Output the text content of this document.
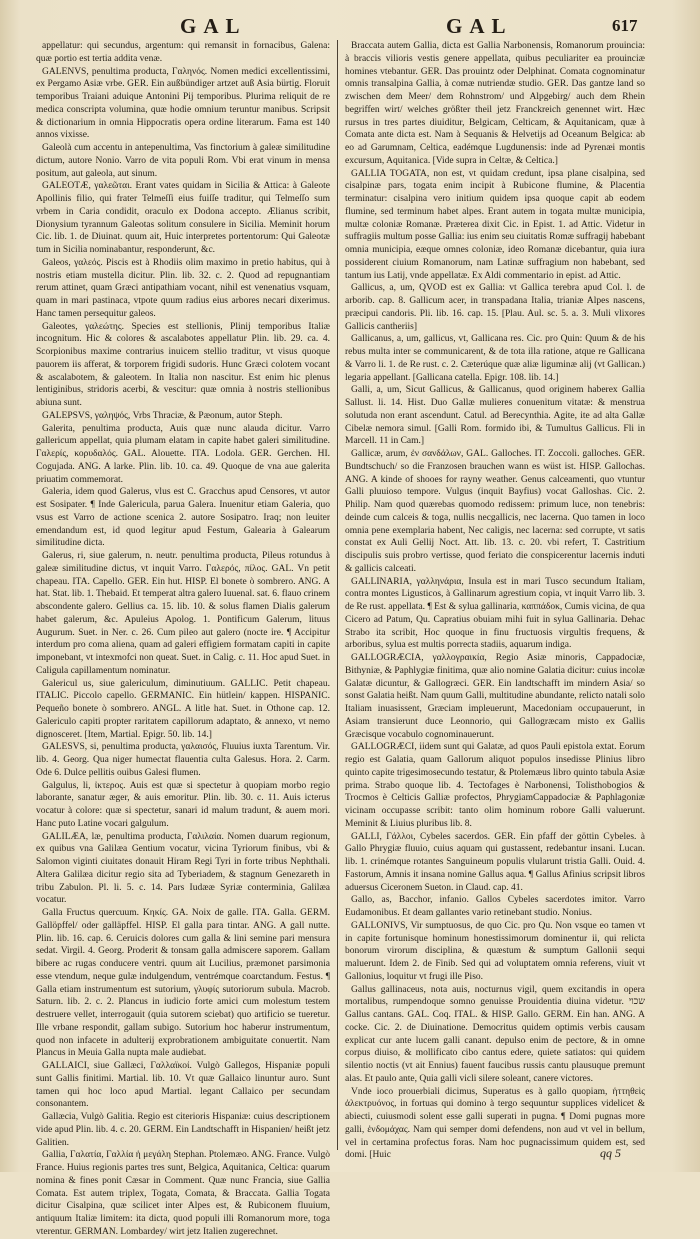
GAL	GAL	617

appellatur: qui secundus, argentum: qui remansit in fornacibus, Galena: quæ portio est tertia addita venæ.

GALENVS, penultima producta, Γαληνός. Nomen medici excellentissimi, ex Pergamo Asiæ vrbe. GER. Ein außbündiger artzet auß Asia bürtig. Floruit temporibus Traiani aduique Antonini Pij temporibus. Plurima reliquit de re medica conscripta volumina, quæ hodie omnium teruntur manibus. Scripsit & dictionarium in omnia Hippocratis opera ordine literarum. Fama est 140 annos vixisse.

Galeolà cum accentu in antepenultima, Vas finctorium à galeæ similitudine dictum, autore Nonio. Varro de vita populi Rom. Vbi erat vinum in mensa positum, aut galeola, aut sinum.

GALEOTÆ, γαλεῶται. Erant vates quidam in Sicilia & Attica: à Galeote Apollinis filio, qui frater Telmeſſi eius fuiſſe traditur, qui Telmeſſo sum vrbem in Caria condidit, oraculo ex Dodona accepto. Ælianus scribit, Dionysium tyrannum Galeotas solitum consulere in Sicilia. Meminit horum Cic. lib. 1. de Diuinat. quum ait, Huic interpretes portentorum: Qui Galeotæ tum in Sicilia nominabantur, responderunt, &c.

Galeos, γαλεός. Piscis est à Rhodiis olim maximo in pretio habitus, qui à nostris etiam mustella dicitur. Plin. lib. 32. c. 2. Quod ad repugnantiam rerum attinet, quam Græci antipathiam vocant, nihil est venenatius vsquam, quam in mari pastinaca, vtpote quum radius eius arbores necari dixerimus. Hanc tamen persequitur galeos.

Galeotes, γαλεώτης. Species est stellionis, Plinij temporibus Italiæ incognitum. Hic & colores & ascalabotes appellatur Plin. lib. 29. ca. 4. Scorpionibus maxime contrarius inuicem stellio traditur, vt visus quoque pauorem iis afferat, & torporem frigidi sudoris. Hunc Græci colotem vocant & ascalabotem, & galeotem. In Italia non nascitur. Est enim hic plenus lentiginibus, stridoris acerbi, & vescitur: quæ omnia à nostris stellionibus abiuna sunt.

GALEPSVS, γαληψός, Vrbs Thraciæ, & Pæonum, autor Steph.

Galerita, penultima producta, Auis quæ nunc alauda dicitur. Varro gallericum appellat, quia plumam elatam in capite habet galeri similitudine. Γαλερίς, κορυδαλός. GAL. Alouette. ITA. Lodola. GER. Gerchen. HI. Cogujada. ANG. A larke. Plin. lib. 10. ca. 49. Quoque de vna aue galerita priuatim commemorat.

Galeria, idem quod Galerus, vlus est C. Gracchus apud Censores, vt autor est Sosipater. ¶ Inde Galericula, parua Galera. Inuenitur etiam Galeria, quo vsus est Varro de actione scenica 2. autore Sosipatro. Iraq; non leuiter emendandum est, id quod legitur apud Festum, Galearia à Galearum similitudine dicta.

Galerus, ri, siue galerum, n. neutr. penultima producta, Pileus rotundus à galeæ similitudine dictus, vt inquit Varro. Γαλερός, πίλος. GAL. Vn petit chapeau. ITA. Capello. GER. Ein hut. HISP. El bonete ò sombrero. ANG. A hat. Stat. lib. 1. Thebaid. Et temperat altra galero Iuuenal. sat. 6. flauo crinem abscondente galero. Gellius ca. 15. lib. 10. & solus flamen Dialis galerum habet galerum, &c. Apuleius Apolog. 1. Pontificum Galerum, lituus Augurum. Suet. in Ner. c. 26. Cum pileo aut galero (nocte ire. ¶ Accipitur interdum pro coma aliena, quam ad galeri effigiem formatam capiti in capite imponebant, vt intexmofci non queat. Suet. in Calig. c. 11. Hoc apud Suet. in Caligula capillamentum nominatur.

Galericul us, siue galericulum, diminutiuum. GALLIC. Petit chapeau. ITALIC. Piccolo capello. GERMANIC. Ein hütlein/ kappen. HISPANIC. Pequeño bonete ò sombrero. ANGL. A litle hat. Suet. in Othone cap. 12. Galericulo capiti propter raritatem capillorum adaptato, & annexo, vt nemo dignosceret. [Item, Martial. Epigr. 50. lib. 14.]

GALESVS, si, penultima producta, γαλαισός, Fluuius iuxta Tarentum. Vir. lib. 4. Georg. Qua niger humectat flauentia culta Galesus. Hora. 2. Carm. Ode 6. Dulce pellitis ouibus Galesi flumen.

Galgulus, li, ἰκτερος. Auis est quæ si spectetur à quopiam morbo regio laborante, sanatur æger, & auis emoritur. Plin. lib. 30. c. 11. Auis icterus vocatur à colore: quæ si spectetur, sanari id malum tradunt, & auem mori. Hanc puto Latine vocari galgulum.

GALILÆA, læ, penultima producta, Γαλιλαία. Nomen duarum regionum, ex quibus vna Galilæa Gentium vocatur, vicina Tyriorum finibus, vbi & Salomon viginti ciuitates donauit Hiram Regi Tyri in forte tribus Nephthali. Altera Galilæa dicitur regio sita ad Tyberiadem, & stagnum Genezareth in tribu Zabulon. Pl. li. 5. c. 14. Pars Iudææ Syriæ conterminia, Galilæa vocatur.

Galla Fructus quercuum. Κηκίς. GA. Noix de galle. ITA. Galla. GERM. Gallöpffel/ oder galläpffel. HISP. El galla para tintar. ANG. A gall nutte. Plin. lib. 16. cap. 6. Ceruicis dolores cum galla & lini semine pari mensura sedat. Virgil. 4. Georg. Proderit & tonsam galla admiscere saporem. Gallam bibere ac rugas conducere ventri. quum ait Lucilius, præmonet parsimonia esse vtendum, neque gulæ indulgendum, ventrémque coarctandum. Festus. ¶ Galla etiam instrumentum est sutorium, γλυφίς sutoriorum subula. Macrob. Saturn. lib. 2. c. 2. Plancus in iudicio forte amici cum molestum testem destruere vellet, interrogauit (quia sutorem sciebat) quo artificio se tueretur. Ille vrbane respondit, gallam subigo. Sutorium hoc haberur instrumentum, quod non infacete in adulterij exprobrationem ambiguitate conuertit. Nam Plancus in Meuia Galla nupta male audiebat.

GALLAICI, siue Gallæci, Γαλλαϊκοί. Vulgò Gallegos, Hispaniæ populi sunt Gallis finitimi. Martial. lib. 10. Vt quæ Gallaico linuntur auro. Sunt tamen qui hoc loco apud Martial. legant Callaico per secundam consonantem.

Gallæcia, Vulgò Galitia. Regio est citerioris Hispaniæ: cuius descriptionem vide apud Plin. lib. 4. c. 20. GERM. Ein Landtschafft in Hispanien/ heißt jetz Galitien.

Gallia, Γαλατία, Γαλλία ἡ μεγάλη Stephan. Ptolemæo. ANG. France. Vulgò France. Huius regionis partes tres sunt, Belgica, Aquitanica, Celtica: quarum nomina & fines ponit Cæsar in Comment. Quæ nunc Francia, siue Gallia Comata. Est autem triplex, Togata, Comata, & Braccata. Gallia Togata dicitur Cisalpina, quæ scilicet inter Alpes est, & Rubiconem fluuium, antiquum Italiæ limitem: ita dicta, quod populi illi Romanorum more, toga vterentur. GERMAN. Lombardey/ wirt jetz Italien zugerechnet.

Braccata autem Gallia, dicta est Gallia Narbonensis, Romanorum prouincia: à braccis vilioris vestis genere appellata, quibus peculiariter ea prouinciæ homines vtebantur. GER. Das prouintz oder Delphinat. Comata cognominatur omnis transalpina Gallia, à comæ nutriendæ studio. GER. Das gantze land so zwischen dem Meer/ dem Rohnstrom/ und Alpgebirg/ auch dem Rhein begriffen wirt/ welches größter theil jetz Franckreich genennet wirt. Hæc rursus in tres partes diuiditur, Belgicam, Celticam, & Aquitanicam, quæ à Comata ante dicta est. Nam à Sequanis & Helvetijs ad Oceanum Belgica: ab eo ad Garumnam, Celtica, eadémque Lugdunensis: inde ad Pyrenæi montis excursum, Aquitanica. [Vide supra in Celtæ, & Celtica.]

GALLIA TOGATA, non est, vt quidam credunt, ipsa plane cisalpina, sed cisalpinæ pars, togata enim incipit à Rubicone flumine, & Placentia terminatur: cisalpina vero initium quidem ipsa quoque capit ab eodem flumine, sed terminum habet alpes. Erant autem in togata multæ municipia, multæ coloniæ Romanæ. Præterea dixit Cic. in Epist. 1. ad Attic. Videtur in suffragiis multum posse Gallia: ius enim seu ciuitatis Romæ suffragij habebant omnia municipia, eæque omnes coloniæ, ideo Romanæ dicebantur, quia iura possiderent ciuium Romanorum, nam Latinæ suffragium non habebant, sed tantum ius Latij, vnde appellatæ. Ex Aldi commentario in epist. ad Attic.

Gallicus, a, um, QVOD est ex Gallia: vt Gallica terebra apud Col. l. de arborib. cap. 8. Gallicum acer, in transpadana Italia, trianiæ Alpes nascens, præcipui candoris. Pli. lib. 16. cap. 15. [Plau. Aul. sc. 5. a. 3. Muli vlixores Gallicis cantheriis]

Gallicanus, a, um, gallicus, vt, Gallicana res. Cic. pro Quin: Quum & de his rebus multa inter se communicarent, & de tota illa ratione, atque re Gallicana & Varro li. 1. de Re rust. c. 2. Cæterúque quæ aliæ liguminæ alij (vt Gallican.) legaria appellant. [Gallicana catella. Epigr. 108. lib. 14.]

Galli, a, um, Sicut Gallicus, & Gallicanus, quod originem haberex Gallia Sallust. li. 14. Hist. Duo Gallæ mulieres conuenitum vitatæ: & menstrua solutuda non erant ascendunt. Catul. ad Berecynthia. Agite, ite ad alta Gallæ Cibelæ nemora simul. [Galli Rom. formido ibi, & Tumultus Gallicus. Fli in Marcell. 11 in Cam.]

Gallicæ, arum, ἐν σανδάλων, GAL. Galloches. IT. Zoccoli. galloches. GER. Bundtschuch/ so die Franzosen brauchen wann es wüst ist. HISP. Gallochas. ANG. A kinde of shooes for rayny weather. Genus calceamenti, quo vtuntur Galli pluuioso tempore. Vulgus (inquit Bayfius) vocat Galloshas. Cic. 2. Philip. Nam quod quærebas quomodo redissem: primum luce, non tenebris: deinde cum calceis & toga, nullis necgallicis, nec lacerna. Quo tamen in loco omnia pene exemplaria habent, Nec caligis, nec lacerna: sed corrupte, vt satis constat ex Auli Gellij Noct. Att. lib. 13. c. 20. vbi refert, T. Castritium discipulis suis probro vertisse, quod feriato die conspicerentur lacernis induti & gallicis calceati.

GALLINARIA, γαλληνάρια, Insula est in mari Tusco secundum Italiam, contra montes Ligusticos, à Gallinarum agrestium copia, vt inquit Varro lib. 3. de Re rust. appellata. ¶ Est & sylua gallinaria, καππάδοκ, Cumis vicina, de qua Cicero ad Patum, Qu. Capratius obuiam mihi fuit in sylua Gallinaria. Dehac Strabo ita scribit, Hoc quoque in finu fructuosis virgultis frequens, & arboribus, sylua est multis porrecta stadiis, aquarum indiga.

GALLOGRÆCIA, γαλλογραικία, Regio Asiæ minoris, Cappadociæ, Bithyniæ, & Paphlygiæ finitima, quæ alio nomine Galatia dicitur: cuius incolæ Galatæ dicuntur, & Gallogræci. GER. Ein landtschafft im mindern Asia/ so sonst Galatia heißt. Nam quum Galli, multitudine abundante, relicto natali solo Italiam inuasissent, Græciam impleuerunt, Macedoniam occupauerunt, in Asiam transierunt duce Leonnorio, qui Gallogræcam misto ex Gallis Græcisque vocabulo cognominauerunt.

GALLOGRÆCI, iidem sunt qui Galatæ, ad quos Pauli epistola extat. Eorum regio est Galatia, quam Gallorum aliquot populos insedisse Plinius libro quinto capite trigesimosecundo testatur, & Ptolemæus libro quinto tabula Asiæ prima. Strabo quoque lib. 4. Tectofages è Narbonensi, Tolisthobogios & Trocmos è Celticis Galliæ profectos, PhrygiamCappadociæ & Paphlagoniæ vicinam occupasse scribit: tanto olim hominum robore Galli valuerunt. Meminit & Liuius pluribus lib. 8.

GALLI, Γάλλοι, Cybeles sacerdos. GER. Ein pfaff der göttin Cybeles. à Gallo Phrygiæ fluuio, cuius aquam qui gustassent, redebantur insani. Lucan. lib. 1. crinémque rotantes Sanguineum populis vlularunt tristia Galli. Ouid. 4. Fastorum, Amnis it insana nomine Gallus aqua. ¶ Gallus Afinius scripsit libros aduersus Ciceronem Sueton. in Claud. cap. 41.

Gallo, as, Bacchor, infanio. Gallos Cybeles sacerdotes imitor. Varro Eudamonibus. Et deam gallantes vario retinebant studio. Nonius.

GALLONIVS, Vir sumptuosus, de quo Cic. pro Qu. Non vsque eo tamen vt in capite fortunisque hominum honestissimorum dominentur ii, qui relicta bonorum virorum disciplina, & quæstum & sumptum Gallonii sequi maluerunt. Idem 2. de Finib. Sed qui ad voluptatem omnia referens, viuit vt Gallonius, loquitur vt frugi ille Piso.

Gallus gallinaceus, nota auis, nocturnus vigil, quem excitandis in opera mortalibus, rumpendoque somno genuisse Prouidentia diuina videtur. שכוי Gallus cantans. GAL. Coq. ITAL. & HISP. Gallo. GERM. Ein han. ANG. A cocke. Cic. 2. de Diuinatione. Democritus quidem optimis verbis causam explicat cur ante lucem galli canant. depulso enim de pectore, & in omne corpus diuiso, & mollificato cibo cantus edere, quiete satiatos: qui quidem silentio noctis (vt ait Ennius) fauent faucibus russis cantu plausuque premunt alas. Et paulo ante, Quia galli vicli silere soleant, canere victores.

Vnde ioco prouerbiali dicimus, Superatus es à gallo quopiam, ἡττηθεὶς ἀλεκτρυόνος, in fortuas qui domino à tergo sequuntur supplices videlicet & abiecti, cuiusmodi solent esse galli superati in pugna. ¶ Domi pugnas more galli, ἐνδομάχας. Nam qui semper domi defendens, non aud vt vel in bellum, vel in certamina profectus foras. Nam hoc pugnacissimum quidem est, sed domi. [Huic	qq 5
